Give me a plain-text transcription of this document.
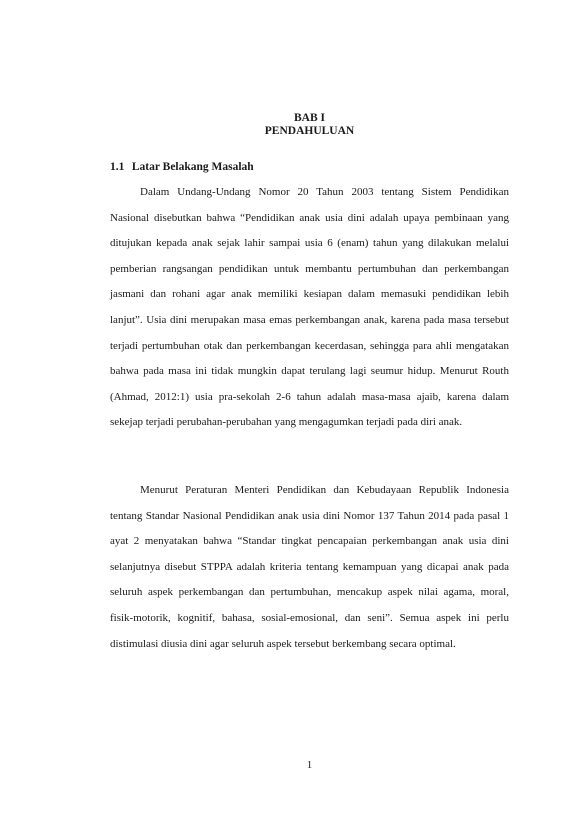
BAB I
PENDAHULUAN
1.1 Latar Belakang Masalah

Dalam Undang-Undang Nomor 20 Tahun 2003 tentang Sistem Pendidikan Nasional disebutkan bahwa “Pendidikan anak usia dini adalah upaya pembinaan yang ditujukan kepada anak sejak lahir sampai usia 6 (enam) tahun yang dilakukan melalui pemberian rangsangan pendidikan untuk membantu pertumbuhan dan perkembangan jasmani dan rohani agar anak memiliki kesiapan dalam memasuki pendidikan lebih lanjut”. Usia dini merupakan masa emas perkembangan anak, karena pada masa tersebut terjadi pertumbuhan otak dan perkembangan kecerdasan, sehingga para ahli mengatakan bahwa pada masa ini tidak mungkin dapat terulang lagi seumur hidup. Menurut Routh (Ahmad, 2012:1) usia pra-sekolah 2-6 tahun adalah masa-masa ajaib, karena dalam sekejap terjadi perubahan-perubahan yang mengagumkan terjadi pada diri anak.

Menurut Peraturan Menteri Pendidikan dan Kebudayaan Republik Indonesia tentang Standar Nasional Pendidikan anak usia dini Nomor 137 Tahun 2014 pada pasal 1 ayat 2 menyatakan bahwa “Standar tingkat pencapaian perkembangan anak usia dini selanjutnya disebut STPPA adalah kriteria tentang kemampuan yang dicapai anak pada seluruh aspek perkembangan dan pertumbuhan, mencakup aspek nilai agama, moral, fisik-motorik, kognitif, bahasa, sosial-emosional, dan seni”. Semua aspek ini perlu distimulasi diusia dini agar seluruh aspek tersebut berkembang secara optimal.

1
